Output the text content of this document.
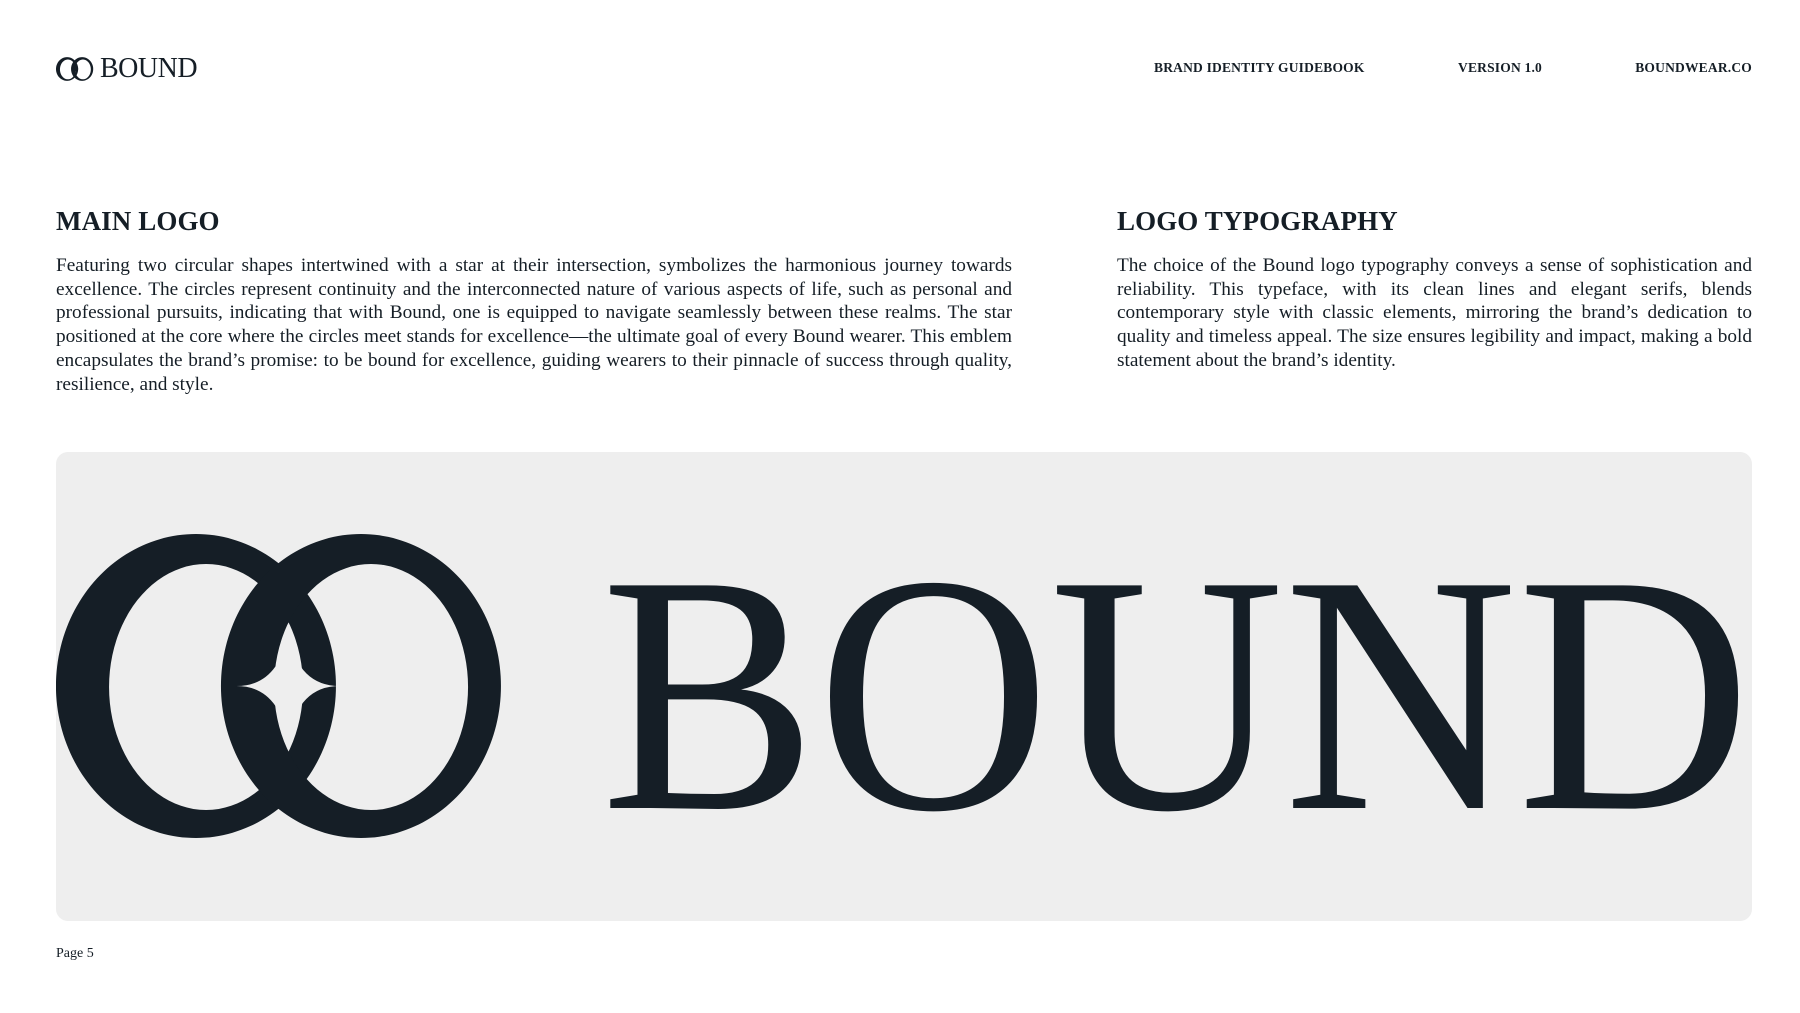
BOUND	BRAND IDENTITY GUIDEBOOK	VERSION 1.0	BOUNDWEAR.CO
MAIN LOGO

Featuring two circular shapes intertwined with a star at their intersection, symbolizes the harmonious journey towards excellence. The circles represent continuity and the interconnected nature of various aspects of life, such as personal and professional pursuits, indicating that with Bound, one is equipped to navigate seamlessly between these realms. The star positioned at the core where the circles meet stands for excellence—the ultimate goal of every Bound wearer. This emblem encapsulates the brand’s promise: to be bound for excellence, guiding wearers to their pinnacle of success through quality, resilience, and style.

LOGO TYPOGRAPHY

The choice of the Bound logo typography conveys a sense of sophistication and reliability. This typeface, with its clean lines and elegant serifs, blends contemporary style with classic elements, mirroring the brand’s dedication to quality and timeless appeal. The size ensures legibility and impact, making a bold statement about the brand’s identity.

BOUND
Page 5
